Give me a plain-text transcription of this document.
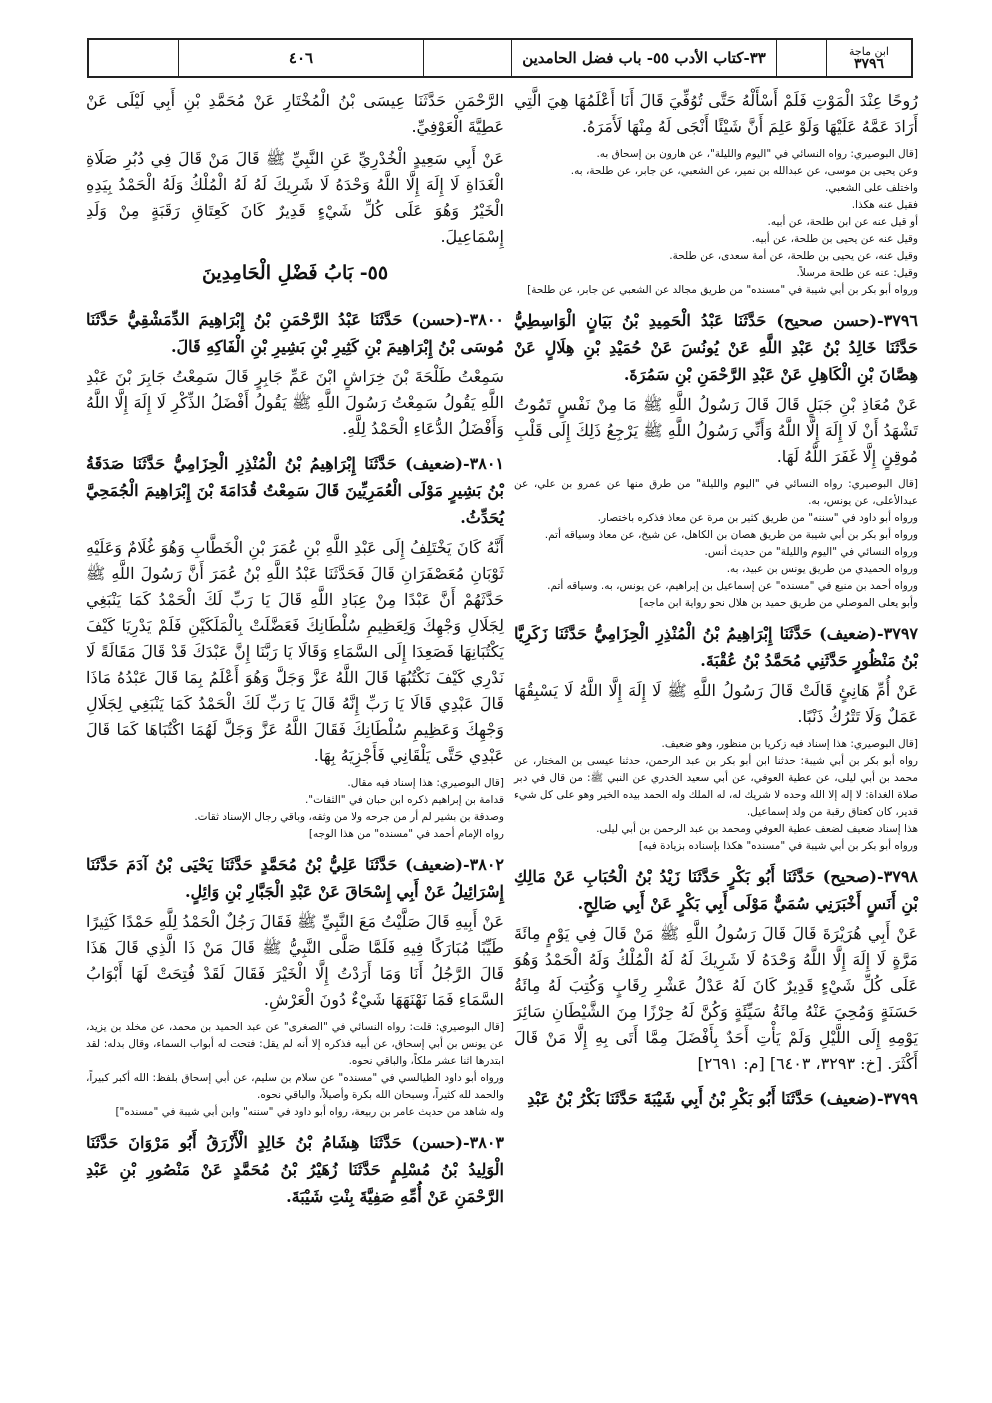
ابن ماجة
٣٧٩٦
٣٣-كتاب الأدب ٥٥- باب فضل الحامدين
٤٠٦

رُوحًا عِنْدَ الْمَوْتِ فَلَمْ أَسْأَلْهُ حَتَّى تُوُفِّيَ قَالَ أَنَا أَعْلَمُهَا هِيَ الَّتِي أَرَادَ عَمَّهُ عَلَيْهَا وَلَوْ عَلِمَ أَنَّ شَيْئًا أَنْجَى لَهُ مِنْهَا لَأَمَرَهُ.

[قال البوصيري: رواه النسائي في "اليوم والليلة"، عن هارون بن إسحاق به.

وعن يحيى بن موسى، عن عبدالله بن نمير، عن الشعبي، عن جابر، عن طلحة، به.

واختلف على الشعبي.

فقيل عنه هكذا.

أو قيل عنه عن ابن طلحة، عن أبيه.

وقيل عنه عن يحيى بن طلحة، عن أبيه.

وقيل عنه، عن يحيى بن طلحة، عن أمة سعدى، عن طلحة.

وقيل: عنه عن طلحة مرسلاً.

ورواه أبو بكر بن أبي شيبة في "مسنده" من طريق مجالد عن الشعبي عن جابر، عن طلحة]

٣٧٩٦-(حسن صحيح) حَدَّثَنَا عَبْدُ الْحَمِيدِ بْنُ بَيَانٍ الْوَاسِطِيُّ حَدَّثَنَا خَالِدُ بْنُ عَبْدِ اللَّهِ عَنْ يُونُسَ عَنْ حُمَيْدِ بْنِ هِلَالٍ عَنْ هِصَّانَ بْنِ الْكَاهِلِ عَنْ عَبْدِ الرَّحْمَنِ بْنِ سَمُرَةَ.

عَنْ مُعَاذِ بْنِ جَبَلٍ قَالَ قَالَ رَسُولُ اللَّهِ ﷺ مَا مِنْ نَفْسٍ تَمُوتُ تَشْهَدُ أَنْ لَا إِلَهَ إِلَّا اللَّهُ وَأَنِّي رَسُولُ اللَّهِ ﷺ يَرْجِعُ ذَلِكَ إِلَى قَلْبِ مُوقِنٍ إِلَّا غَفَرَ اللَّهُ لَهَا.

[قال البوصيري: رواه النسائي في "اليوم والليلة" من طرق منها عن عمرو بن علي، عن عبدالأعلى، عن يونس، به.

ورواه أبو داود في "سننه" من طريق كثير بن مرة عن معاذ فذكره باختصار.

ورواه أبو بكر بن أبي شيبة من طريق هصان بن الكاهل، عن شيخ، عن معاذ وسياقه أتم.

ورواه النسائي في "اليوم والليلة" من حديث أنس.

ورواه الحميدي من طريق يونس بن عبيد، به.

ورواه أحمد بن منيع في "مسنده" عن إسماعيل بن إبراهيم، عن يونس، به. وسياقه أتم.

وأبو يعلى الموصلي من طريق حميد بن هلال نحو رواية ابن ماجه]

٣٧٩٧-(ضعيف) حَدَّثَنَا إِبْرَاهِيمُ بْنُ الْمُنْذِرِ الْحِزَامِيُّ حَدَّثَنَا زَكَرِيَّا بْنُ مَنْظُورٍ حَدَّثَنِي مُحَمَّدُ بْنُ عُقْبَةَ.

عَنْ أُمِّ هَانِئٍ قَالَتْ قَالَ رَسُولُ اللَّهِ ﷺ لَا إِلَهَ إِلَّا اللَّهُ لَا يَسْبِقُهَا عَمَلٌ وَلَا تَتْرُكُ ذَنْبًا.

[قال البوصيري: هذا إسناد فيه زكريا بن منظور، وهو ضعيف.

رواه أبو بكر بن أبي شيبة: حدثنا ابن أبو بكر بن عبد الرحمن، حدثنا عيسى بن المختار، عن محمد بن أبي ليلى، عن عطية العوفي، عن أبي سعيد الخدري عن النبي ﷺ: من قال في دبر صلاة الغداة: لا إله إلا الله وحده لا شريك له، له الملك وله الحمد بيده الخير وهو على كل شيء قدير، كان كعتاق رقبة من ولد إسماعيل.

هذا إسناد ضعيف لضعف عطية العوفي ومحمد بن عبد الرحمن بن أبي ليلى.

ورواه أبو بكر بن أبي شيبة في "مسنده" هكذا بإسناده بزيادة فيه]

٣٧٩٨-(صحيح) حَدَّثَنَا أَبُو بَكْرٍ حَدَّثَنَا زَيْدُ بْنُ الْحُبَابِ عَنْ مَالِكِ بْنِ أَنَسٍ أَخْبَرَنِي سُمَيٌّ مَوْلَى أَبِي بَكْرٍ عَنْ أَبِي صَالِحٍ.

عَنْ أَبِي هُرَيْرَةَ قَالَ قَالَ رَسُولُ اللَّهِ ﷺ مَنْ قَالَ فِي يَوْمٍ مِائَةَ مَرَّةٍ لَا إِلَهَ إِلَّا اللَّهُ وَحْدَهُ لَا شَرِيكَ لَهُ لَهُ الْمُلْكُ وَلَهُ الْحَمْدُ وَهُوَ عَلَى كُلِّ شَيْءٍ قَدِيرٌ كَانَ لَهُ عَدْلُ عَشْرِ رِقَابٍ وَكُتِبَ لَهُ مِائَةُ حَسَنَةٍ وَمُحِيَ عَنْهُ مِائَةُ سَيِّئَةٍ وَكُنَّ لَهُ حِرْزًا مِنَ الشَّيْطَانِ سَائِرَ يَوْمِهِ إِلَى اللَّيْلِ وَلَمْ يَأْتِ أَحَدٌ بِأَفْضَلَ مِمَّا أَتَى بِهِ إِلَّا مَنْ قَالَ أَكْثَرَ. [خ: ٣٢٩٣، ٦٤٠٣] [م: ٢٦٩١]

٣٧٩٩-(ضعيف) حَدَّثَنَا أَبُو بَكْرِ بْنُ أَبِي شَيْبَةَ حَدَّثَنَا بَكْرُ بْنُ عَبْدِ

الرَّحْمَنِ حَدَّثَنَا عِيسَى بْنُ الْمُخْتَارِ عَنْ مُحَمَّدِ بْنِ أَبِي لَيْلَى عَنْ عَطِيَّةَ الْعَوْفِيِّ.

عَنْ أَبِي سَعِيدٍ الْخُدْرِيِّ عَنِ النَّبِيِّ ﷺ قَالَ مَنْ قَالَ فِي دُبُرِ صَلَاةِ الْغَدَاةِ لَا إِلَهَ إِلَّا اللَّهُ وَحْدَهُ لَا شَرِيكَ لَهُ لَهُ الْمُلْكُ وَلَهُ الْحَمْدُ بِيَدِهِ الْخَيْرُ وَهُوَ عَلَى كُلِّ شَيْءٍ قَدِيرٌ كَانَ كَعِتَاقِ رَقَبَةٍ مِنْ وَلَدِ إِسْمَاعِيلَ.

٥٥- بَابُ فَضْلِ الْحَامِدِينَ

٣٨٠٠-(حسن) حَدَّثَنَا عَبْدُ الرَّحْمَنِ بْنُ إِبْرَاهِيمَ الدِّمَشْقِيُّ حَدَّثَنَا مُوسَى بْنُ إِبْرَاهِيمَ بْنِ كَثِيرِ بْنِ بَشِيرِ بْنِ الْفَاكِهِ قَالَ.

سَمِعْتُ طَلْحَةَ بْنَ خِرَاشٍ ابْنَ عَمِّ جَابِرٍ قَالَ سَمِعْتُ جَابِرَ بْنَ عَبْدِ اللَّهِ يَقُولُ سَمِعْتُ رَسُولَ اللَّهِ ﷺ يَقُولُ أَفْضَلُ الذِّكْرِ لَا إِلَهَ إِلَّا اللَّهُ وَأَفْضَلُ الدُّعَاءِ الْحَمْدُ لِلَّهِ.

٣٨٠١-(ضعيف) حَدَّثَنَا إِبْرَاهِيمُ بْنُ الْمُنْذِرِ الْحِزَامِيُّ حَدَّثَنَا صَدَقَةُ بْنُ بَشِيرٍ مَوْلَى الْعُمَرِيِّينَ قَالَ سَمِعْتُ قُدَامَةَ بْنَ إِبْرَاهِيمَ الْجُمَحِيَّ يُحَدِّثُ.

أَنَّهُ كَانَ يَخْتَلِفُ إِلَى عَبْدِ اللَّهِ بْنِ عُمَرَ بْنِ الْخَطَّابِ وَهُوَ غُلَامٌ وَعَلَيْهِ ثَوْبَانِ مُعَصْفَرَانِ قَالَ فَحَدَّثَنَا عَبْدُ اللَّهِ بْنُ عُمَرَ أَنَّ رَسُولَ اللَّهِ ﷺ حَدَّثَهُمْ أَنَّ عَبْدًا مِنْ عِبَادِ اللَّهِ قَالَ يَا رَبِّ لَكَ الْحَمْدُ كَمَا يَنْبَغِي لِجَلَالِ وَجْهِكَ وَلِعَظِيمِ سُلْطَانِكَ فَعَضَّلَتْ بِالْمَلَكَيْنِ فَلَمْ يَدْرِيَا كَيْفَ يَكْتُبَانِهَا فَصَعِدَا إِلَى السَّمَاءِ وَقَالَا يَا رَبَّنَا إِنَّ عَبْدَكَ قَدْ قَالَ مَقَالَةً لَا نَدْرِي كَيْفَ نَكْتُبُهَا قَالَ اللَّهُ عَزَّ وَجَلَّ وَهُوَ أَعْلَمُ بِمَا قَالَ عَبْدُهُ مَاذَا قَالَ عَبْدِي قَالَا يَا رَبِّ إِنَّهُ قَالَ يَا رَبِّ لَكَ الْحَمْدُ كَمَا يَنْبَغِي لِجَلَالِ وَجْهِكَ وَعَظِيمِ سُلْطَانِكَ فَقَالَ اللَّهُ عَزَّ وَجَلَّ لَهُمَا اكْتُبَاهَا كَمَا قَالَ عَبْدِي حَتَّى يَلْقَانِي فَأَجْزِيَهُ بِهَا.

[قال البوصيري: هذا إسناد فيه مقال.

قدامة بن إبراهيم ذكره ابن حبان في "الثقات".

وصدقة بن بشير لم أر من جرحه ولا من وثقه، وباقي رجال الإسناد ثقات.

رواه الإمام أحمد في "مسنده" من هذا الوجه]

٣٨٠٢-(ضعيف) حَدَّثَنَا عَلِيُّ بْنُ مُحَمَّدٍ حَدَّثَنَا يَحْيَى بْنُ آدَمَ حَدَّثَنَا إِسْرَائِيلُ عَنْ أَبِي إِسْحَاقَ عَنْ عَبْدِ الْجَبَّارِ بْنِ وَائِلٍ.

عَنْ أَبِيهِ قَالَ صَلَّيْتُ مَعَ النَّبِيِّ ﷺ فَقَالَ رَجُلٌ الْحَمْدُ لِلَّهِ حَمْدًا كَثِيرًا طَيِّبًا مُبَارَكًا فِيهِ فَلَمَّا صَلَّى النَّبِيُّ ﷺ قَالَ مَنْ ذَا الَّذِي قَالَ هَذَا قَالَ الرَّجُلُ أَنَا وَمَا أَرَدْتُ إِلَّا الْخَيْرَ فَقَالَ لَقَدْ فُتِحَتْ لَهَا أَبْوَابُ السَّمَاءِ فَمَا نَهْنَهَهَا شَيْءٌ دُونَ الْعَرْشِ.

[قال البوصيري: قلت: رواه النسائي في "الصغرى" عن عبد الحميد بن محمد، عن مخلد بن يزيد، عن يونس بن أبي إسحاق، عن أبيه فذكره إلا أنه لم يقل: فتحت له أبواب السماء، وقال بدله: لقد ابتدرها اثنا عشر ملكاً، والباقي نحوه.

ورواه أبو داود الطيالسي في "مسنده" عن سلام بن سليم، عن أبي إسحاق بلفظ: الله أكبر كبيراً، والحمد لله كثيراً، وسبحان الله بكرة وأصيلاً، والباقي نحوه.

وله شاهد من حديث عامر بن ربيعة، رواه أبو داود في "سننه" وابن أبي شيبة في "مسنده"]

٣٨٠٣-(حسن) حَدَّثَنَا هِشَامُ بْنُ خَالِدٍ الْأَزْرَقُ أَبُو مَرْوَانَ حَدَّثَنَا الْوَلِيدُ بْنُ مُسْلِمٍ حَدَّثَنَا زُهَيْرُ بْنُ مُحَمَّدٍ عَنْ مَنْصُورِ بْنِ عَبْدِ الرَّحْمَنِ عَنْ أُمِّهِ صَفِيَّةَ بِنْتِ شَيْبَةَ.
